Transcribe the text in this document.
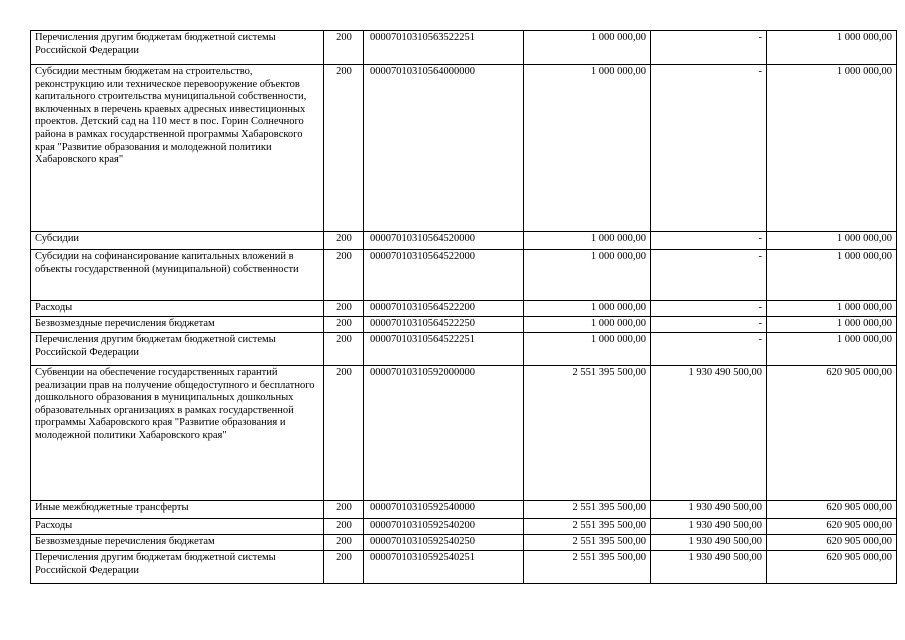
Перечисления другим бюджетам бюджетной системы Российской Федерации	200	00007010310563522251	1 000 000,00	-	1 000 000,00
Субсидии местным бюджетам на строительство, реконструкцию или техническое перевооружение объектов капитального строительства муниципальной собственности, включенных в перечень краевых адресных инвестиционных проектов. Детский сад на 110 мест в пос. Горин Солнечного района в рамках государственной программы Хабаровского края "Развитие образования и молодежной политики Хабаровского края"	200	00007010310564000000	1 000 000,00	-	1 000 000,00
Субсидии	200	00007010310564520000	1 000 000,00	-	1 000 000,00
Субсидии на софинансирование капитальных вложений в объекты государственной (муниципальной) собственности	200	00007010310564522000	1 000 000,00	-	1 000 000,00
Расходы	200	00007010310564522200	1 000 000,00	-	1 000 000,00
Безвозмездные перечисления бюджетам	200	00007010310564522250	1 000 000,00	-	1 000 000,00
Перечисления другим бюджетам бюджетной системы Российской Федерации	200	00007010310564522251	1 000 000,00	-	1 000 000,00
Субвенции на обеспечение государственных гарантий реализации прав на получение общедоступного и бесплатного дошкольного образования в муниципальных дошкольных образовательных организациях в рамках государственной программы Хабаровского края "Развитие образования и молодежной политики Хабаровского края"	200	00007010310592000000	2 551 395 500,00	1 930 490 500,00	620 905 000,00
Иные межбюджетные трансферты	200	00007010310592540000	2 551 395 500,00	1 930 490 500,00	620 905 000,00
Расходы	200	00007010310592540200	2 551 395 500,00	1 930 490 500,00	620 905 000,00
Безвозмездные перечисления бюджетам	200	00007010310592540250	2 551 395 500,00	1 930 490 500,00	620 905 000,00
Перечисления другим бюджетам бюджетной системы Российской Федерации	200	00007010310592540251	2 551 395 500,00	1 930 490 500,00	620 905 000,00
